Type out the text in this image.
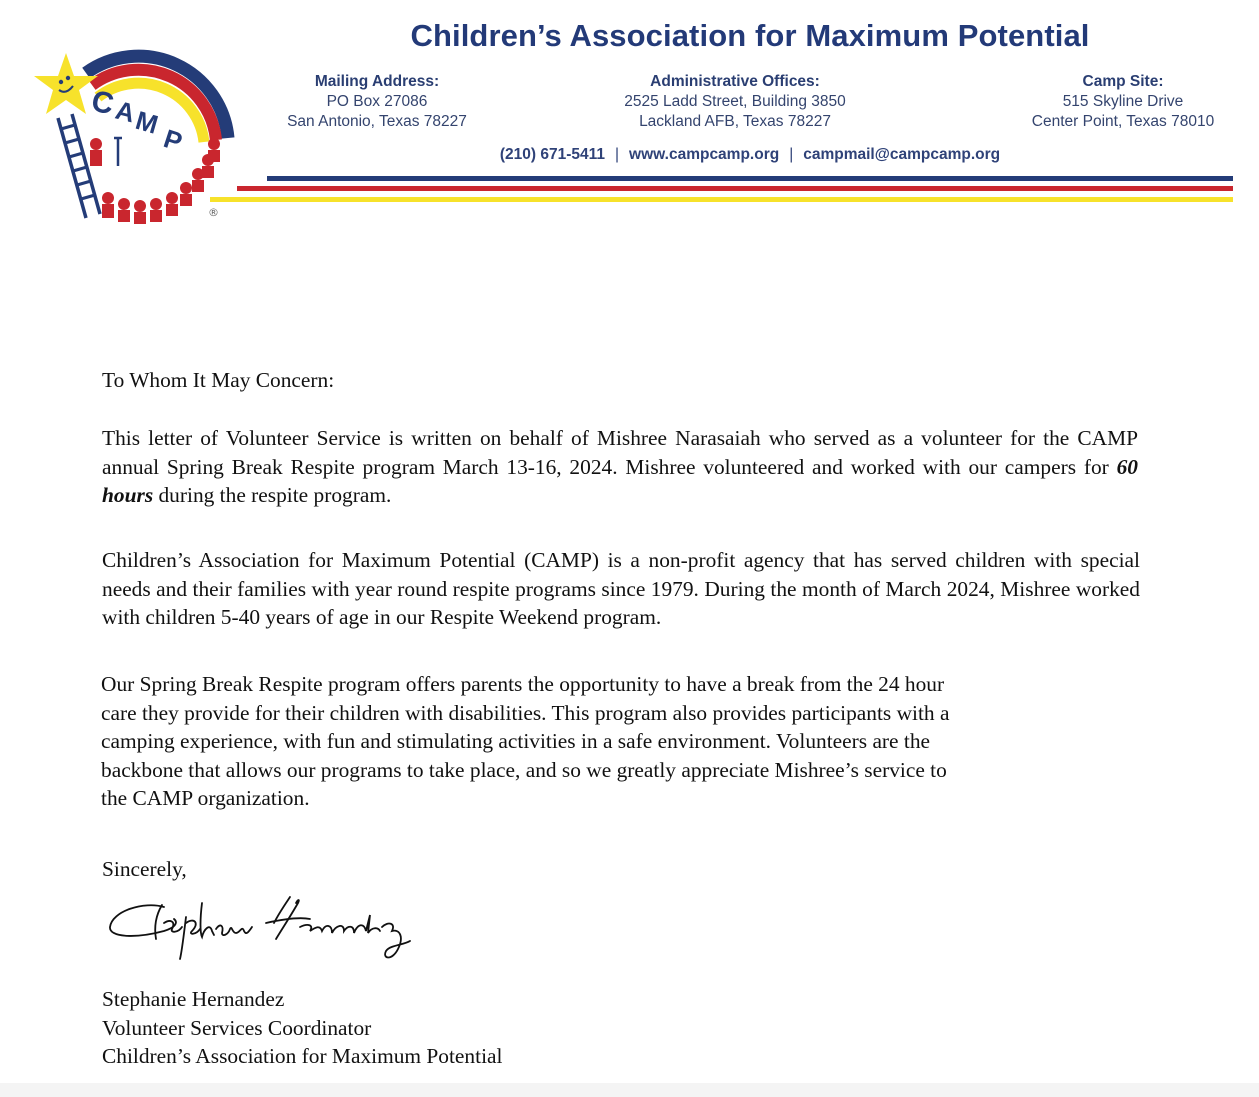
C
A
M
P
®
Children’s Association for Maximum Potential
Mailing Address:
PO Box 27086
San Antonio, Texas 78227
Administrative Offices:
2525 Ladd Street, Building 3850
Lackland AFB, Texas 78227
Camp Site:
515 Skyline Drive
Center Point, Texas 78010
(210) 671-5411 | www.campcamp.org | campmail@campcamp.org
To Whom It May Concern:
This letter of Volunteer Service is written on behalf of Mishree Narasaiah who served as a volunteer for the CAMP annual Spring Break Respite program March 13-16, 2024. Mishree volunteered and worked with our campers for 60 hours during the respite program.
Children’s Association for Maximum Potential (CAMP) is a non-profit agency that has served children with special needs and their families with year round respite programs since 1979. During the month of March 2024, Mishree worked with children 5-40 years of age in our Respite Weekend program.
Our Spring Break Respite program offers parents the opportunity to have a break from the 24 hour
care they provide for their children with disabilities. This program also provides participants with a
camping experience, with fun and stimulating activities in a safe environment. Volunteers are the
backbone that allows our programs to take place, and so we greatly appreciate Mishree’s service to
the CAMP organization.
Sincerely,
Stephanie Hernandez
Volunteer Services Coordinator
Children’s Association for Maximum Potential
